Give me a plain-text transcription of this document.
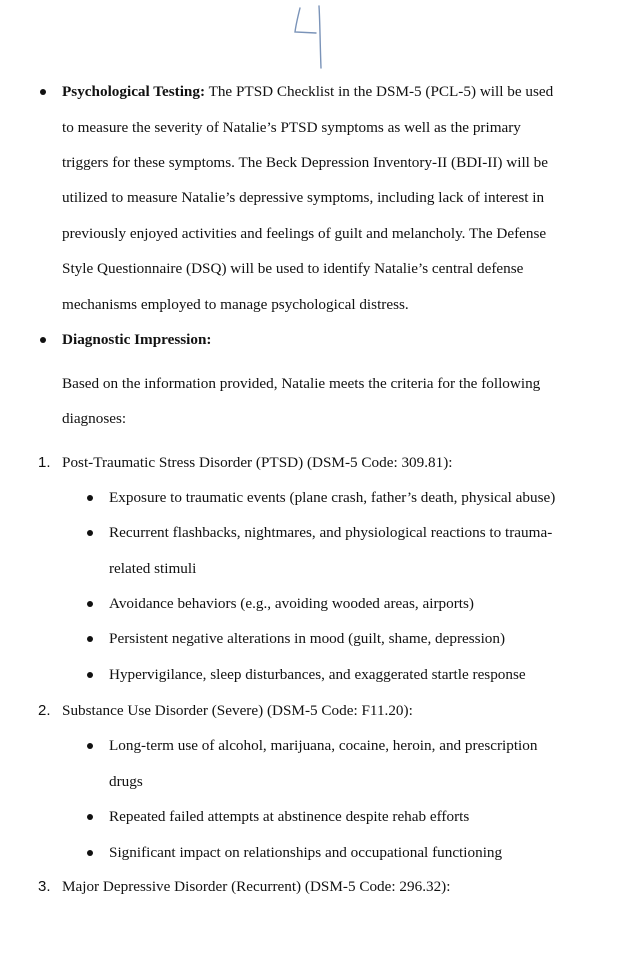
Psychological Testing: The PTSD Checklist in the DSM-5 (PCL-5) will be used
to measure the severity of Natalie’s PTSD symptoms as well as the primary
triggers for these symptoms. The Beck Depression Inventory-II (BDI-II) will be
utilized to measure Natalie’s depressive symptoms, including lack of interest in
previously enjoyed activities and feelings of guilt and melancholy. The Defense
Style Questionnaire (DSQ) will be used to identify Natalie’s central defense
mechanisms employed to manage psychological distress.
Diagnostic Impression:
Based on the information provided, Natalie meets the criteria for the following
diagnoses:
1. Post-Traumatic Stress Disorder (PTSD) (DSM-5 Code: 309.81):
Exposure to traumatic events (plane crash, father’s death, physical abuse)
Recurrent flashbacks, nightmares, and physiological reactions to trauma-
related stimuli
Avoidance behaviors (e.g., avoiding wooded areas, airports)
Persistent negative alterations in mood (guilt, shame, depression)
Hypervigilance, sleep disturbances, and exaggerated startle response
2. Substance Use Disorder (Severe) (DSM-5 Code: F11.20):
Long-term use of alcohol, marijuana, cocaine, heroin, and prescription
drugs
Repeated failed attempts at abstinence despite rehab efforts
Significant impact on relationships and occupational functioning
3. Major Depressive Disorder (Recurrent) (DSM-5 Code: 296.32):
